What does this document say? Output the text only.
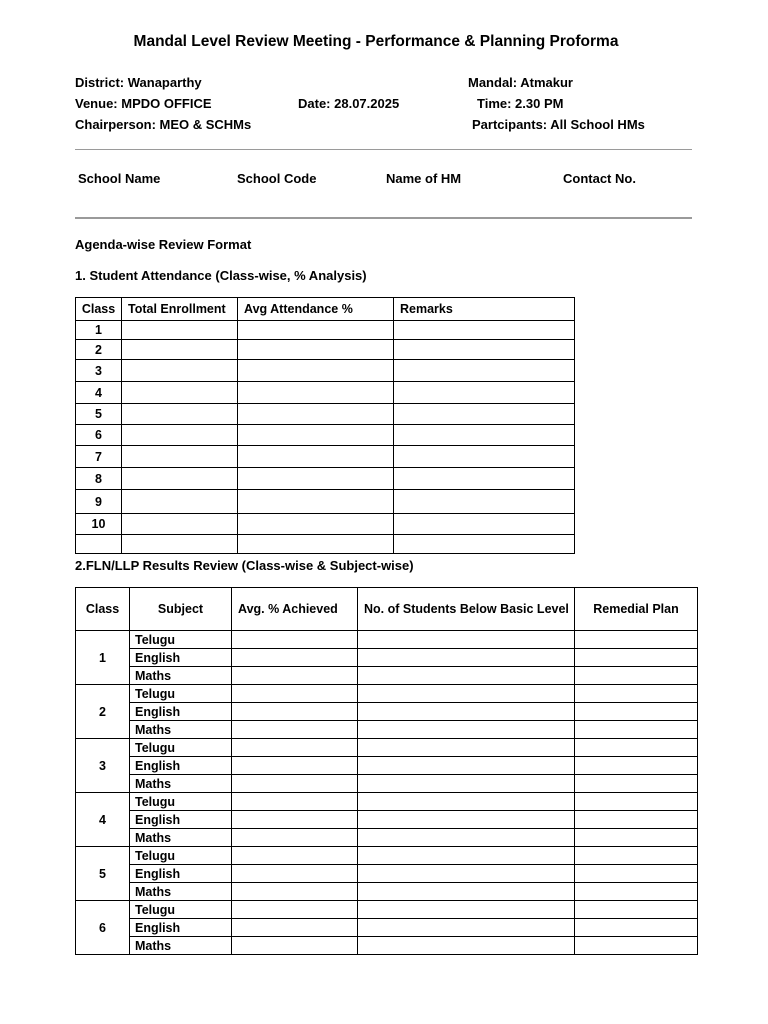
Mandal Level Review Meeting - Performance & Planning Proforma
District: Wanaparthy	Mandal: Atmakur
Venue: MPDO OFFICE	Date: 28.07.2025	Time: 2.30 PM
Chairperson: MEO & SCHMs	Partcipants: All School HMs
School Name	School Code	Name of HM	Contact No.
Agenda-wise Review Format
1. Student Attendance (Class-wise, % Analysis)
Class	Total Enrollment	Avg Attendance %	Remarks
1			
2			
3			
4			
5			
6			
7			
8			
9			
10			

2.FLN/LLP Results Review (Class-wise & Subject-wise)
Class	Subject	Avg. % Achieved	No. of Students Below Basic Level	Remedial Plan
1	Telugu			
	English			
	Maths			
2	Telugu			
	English			
	Maths			
3	Telugu			
	English			
	Maths			
4	Telugu			
	English			
	Maths			
5	Telugu			
	English			
	Maths			
6	Telugu			
	English			
	Maths			
